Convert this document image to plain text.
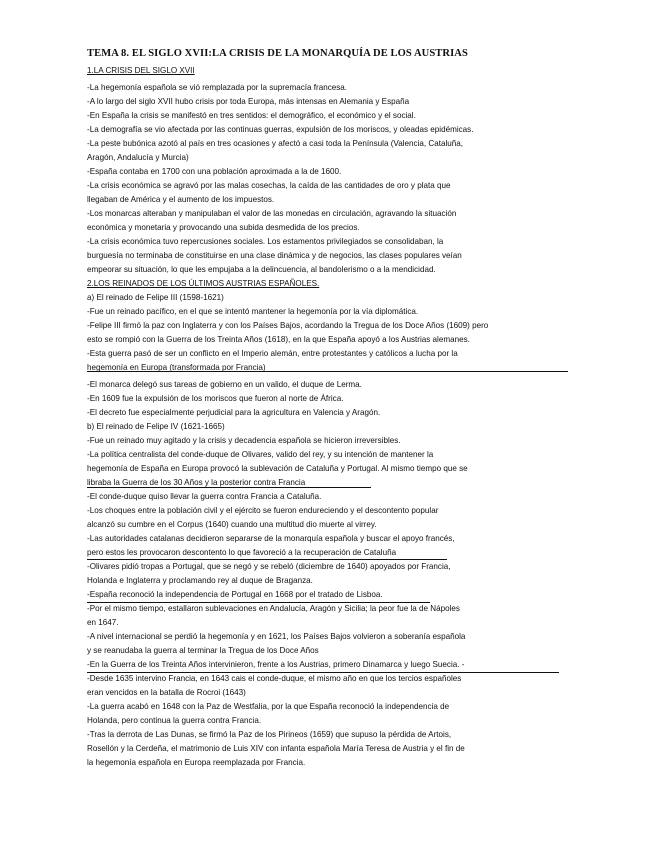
TEMA 8. EL SIGLO XVII:LA CRISIS DE LA MONARQUÍA DE LOS AUSTRIAS
1.LA CRISIS DEL SIGLO XVII
-La hegemonía española se vió remplazada por la supremacía francesa.
-A lo largo del siglo XVII hubo crisis por toda Europa, más intensas en Alemania y España
-En España la crisis se manifestó en tres sentidos: el demográfico, el económico y el social.
-La demografía se vio afectada por las continuas guerras, expulsión de los moriscos, y oleadas epidémicas.
-La peste bubónica azotó al país en tres ocasiones y afectó a casi toda la Península (Valencia, Cataluña,
Aragón, Andalucía y Murcia)
-España contaba en 1700 con una población aproximada a la de 1600.
-La crisis económica se agravó por las malas cosechas, la caída de las cantidades de oro y plata que
llegaban de América y el aumento de los impuestos.
-Los monarcas alteraban y manipulaban el valor de las monedas en circulación, agravando la situación
económica y monetaria y provocando una subida desmedida de los precios.
-La crisis económica tuvo repercusiones sociales. Los estamentos privilegiados se consolidaban, la
burguesía no terminaba de constituirse en una clase dinámica y de negocios, las clases populares veían
empeorar su situación, lo que les empujaba a la delincuencia, al bandolerismo o a la mendicidad.
2.LOS REINADOS DE LOS ÚLTIMOS AUSTRIAS ESPAÑOLES.
a) El reinado de Felipe III (1598-1621)
-Fue un reinado pacífico, en el que se intentó mantener la hegemonía por la vía diplomática.
-Felipe III firmó la paz con Inglaterra y con los Países Bajos, acordando la Tregua de los Doce Años (1609) pero
esto se rompió con la Guerra de los Treinta Años (1618), en la que España apoyó a los Austrias alemanes.
-Esta guerra pasó de ser un conflicto en el Imperio alemán, entre protestantes y católicos a lucha por la
hegemonía en Europa (transformada por Francia)
-El monarca delegó sus tareas de gobierno en un valido, el duque de Lerma.
-En 1609 fue la expulsión de los moriscos que fueron al norte de África.
-El decreto fue especialmente perjudicial para la agricultura en Valencia y Aragón.
b) El reinado de Felipe IV (1621-1665)
-Fue un reinado muy agitado y la crisis y decadencia española se hicieron irreversibles.
-La política centralista del conde-duque de Olivares, valido del rey, y su intención de mantener la
hegemonía de España en Europa provocó la sublevación de Cataluña y Portugal. Al mismo tiempo que se
libraba la Guerra de los 30 Años y la posterior contra Francia
-El conde-duque quiso llevar la guerra contra Francia a Cataluña.
-Los choques entre la población civil y el ejército se fueron endureciendo y el descontento popular
alcanzó su cumbre en el Corpus (1640) cuando una multitud dio muerte al virrey.
-Las autoridades catalanas decidieron separarse de la monarquía española y buscar el apoyo francés,
pero estos les provocaron descontento lo que favoreció a la recuperación de Cataluña
-Olivares pidió tropas a Portugal, que se negó y se rebeló (diciembre de 1640) apoyados por Francia,
Holanda e Inglaterra y proclamando rey al duque de Braganza.
-España reconoció la independencia de Portugal en 1668 por el tratado de Lisboa.
-Por el mismo tiempo, estallaron sublevaciones en Andalucía, Aragón y Sicilia; la peor fue la de Nápoles
en 1647.
-A nivel internacional se perdió la hegemonía y en 1621, los Países Bajos volvieron a soberanía española
y se reanudaba la guerra al terminar la Tregua de los Doce Años
-En la Guerra de los Treinta Años intervinieron, frente a los Austrias, primero Dinamarca y luego Suecia. -
-Desde 1635 intervino Francia, en 1643 cais el conde-duque, el mismo año en que los tercios españoles
eran vencidos en la batalla de Rocroi (1643)
-La guerra acabó en 1648 con la Paz de Westfalia, por la que España reconoció la independencia de
Holanda, pero continua la guerra contra Francia.
-Tras la derrota de Las Dunas, se firmó la Paz de los Pirineos (1659) que supuso la pérdida de Artois,
Rosellón y la Cerdeña, el matrimonio de Luis XIV con infanta española María Teresa de Austria y el fin de
la hegemonía española en Europa reemplazada por Francia.
